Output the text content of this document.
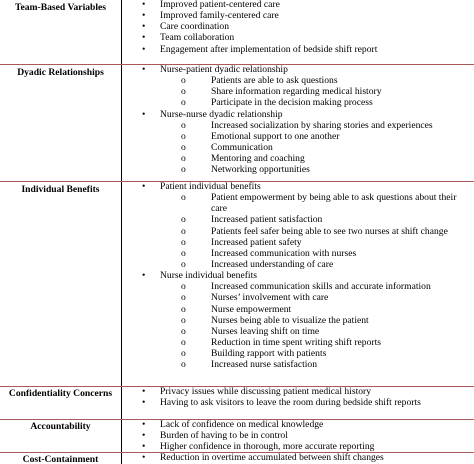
Team-Based Variables	• Improved patient-centered care
• Improved family-centered care
• Care coordination
• Team collaboration
• Engagement after implementation of bedside shift report
Dyadic Relationships	• Nurse-patient dyadic relationship
o	Patients are able to ask questions
o	Share information regarding medical history
o	Participate in the decision making process
• Nurse-nurse dyadic relationship
o	Increased socialization by sharing stories and experiences
o	Emotional support to one another
o	Communication
o	Mentoring and coaching
o	Networking opportunities
Individual Benefits	• Patient individual benefits
o	Patient empowerment by being able to ask questions about their
care
o	Increased patient satisfaction
o	Patients feel safer being able to see two nurses at shift change
o	Increased patient safety
o	Increased communication with nurses
o	Increased understanding of care
• Nurse individual benefits
o	Increased communication skills and accurate information
o	Nurses’ involvement with care
o	Nurse empowerment
o	Nurses being able to visualize the patient
o	Nurses leaving shift on time
o	Reduction in time spent writing shift reports
o	Building rapport with patients
o	Increased nurse satisfaction
Confidentiality Concerns	• Privacy issues while discussing patient medical history
• Having to ask visitors to leave the room during bedside shift reports
Accountability	• Lack of confidence on medical knowledge
• Burden of having to be in control
• Higher confidence in thorough, more accurate reporting
Cost-Containment	• Reduction in overtime accumulated between shift changes
